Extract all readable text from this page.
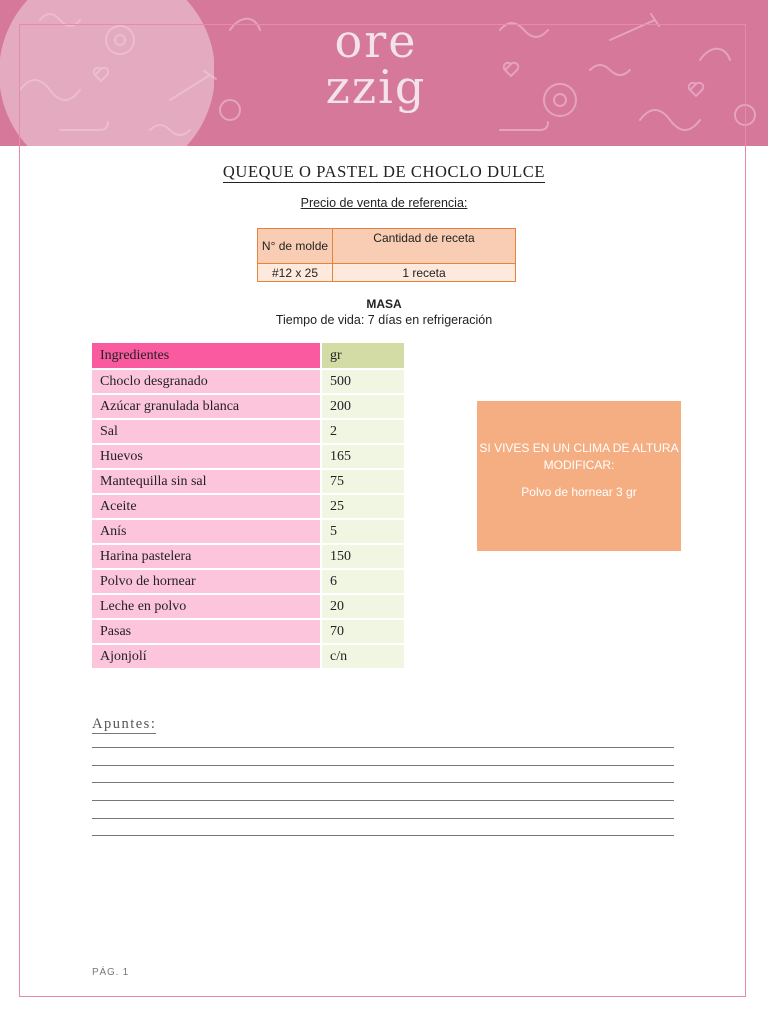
ore
zzig
QUEQUE O PASTEL DE CHOCLO DULCE
Precio de venta de referencia:
N° de molde	Cantidad de receta
#12 x 25	1 receta
MASA
Tiempo de vida: 7 días en refrigeración
Ingredientes	gr
Choclo desgranado	500
Azúcar granulada blanca	200
Sal	2
Huevos	165
Mantequilla sin sal	75
Aceite	25
Anís	5
Harina pastelera	150
Polvo de hornear	6
Leche en polvo	20
Pasas	70
Ajonjolí	c/n
SI VIVES EN UN CLIMA DE ALTURA MODIFICAR:
Polvo de hornear 3 gr
Apuntes:
PÁG. 1
